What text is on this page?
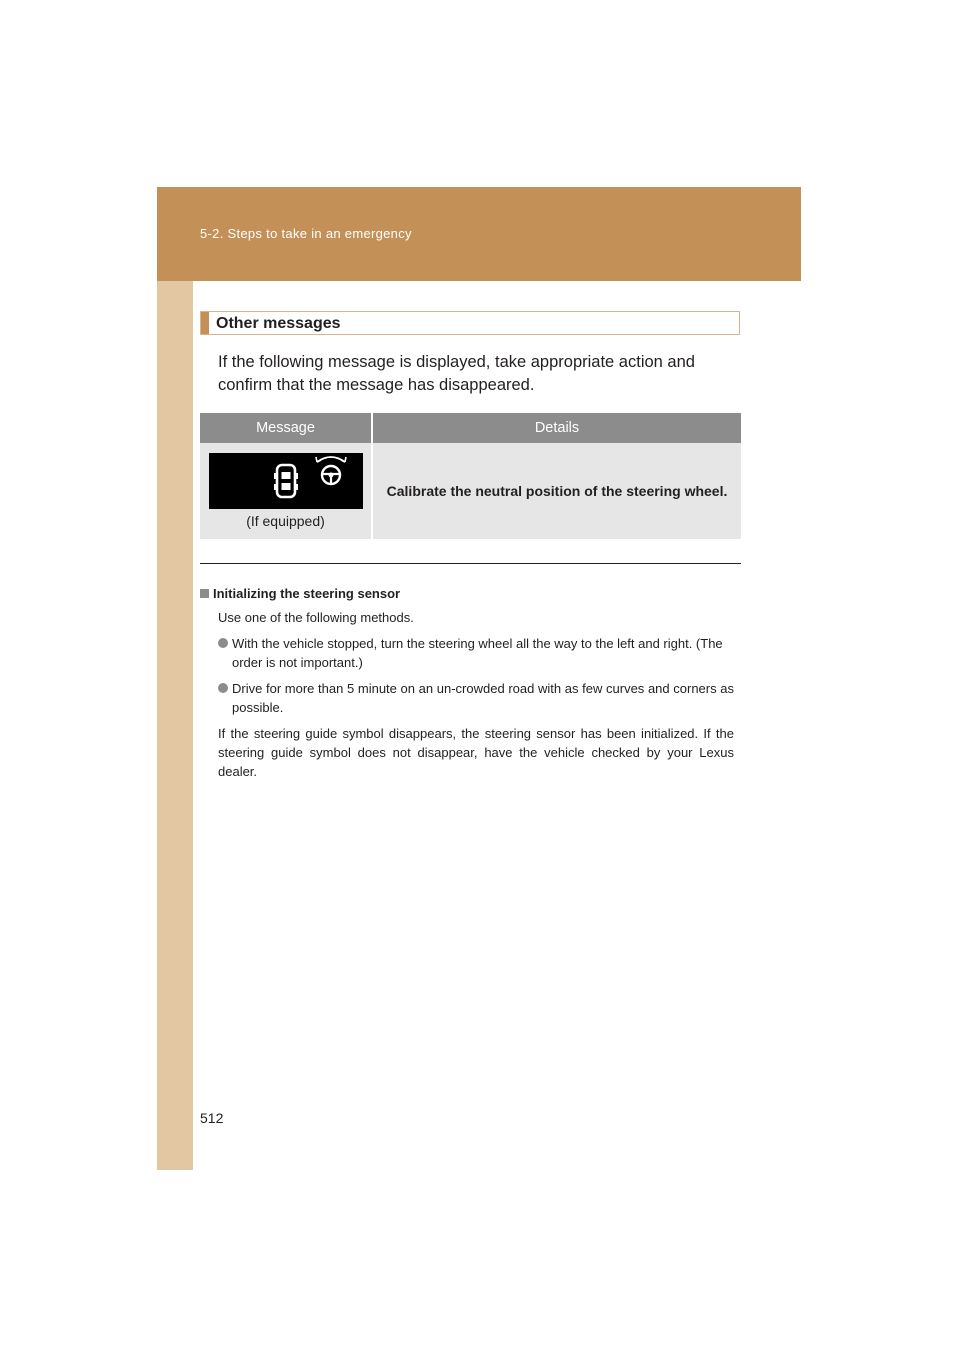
5-2. Steps to take in an emergency
Other messages
If the following message is displayed, take appropriate action and confirm that the message has disappeared.
Message	Details

(If equipped)	Calibrate the neutral position of the steering wheel.
Initializing the steering sensor
Use one of the following methods.
With the vehicle stopped, turn the steering wheel all the way to the left and right. (The order is not important.)
Drive for more than 5 minute on an un-crowded road with as few curves and corners as possible.
If the steering guide symbol disappears, the steering sensor has been initialized. If the steering guide symbol does not disappear, have the vehicle checked by your Lexus dealer.
512
